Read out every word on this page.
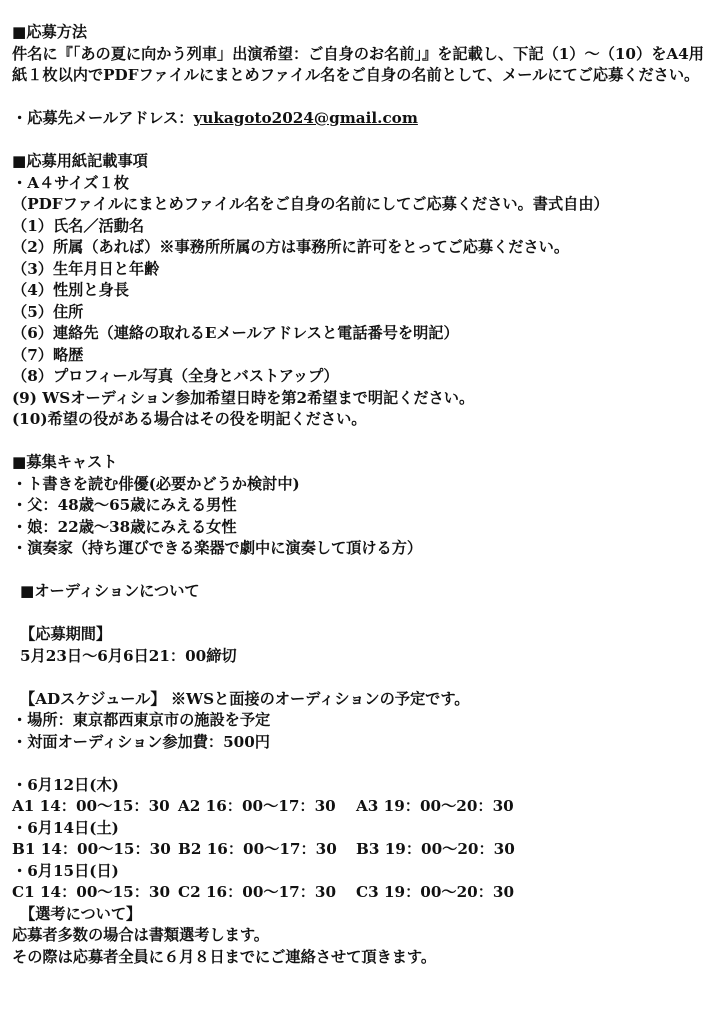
■応募方法
件名に『「あの夏に向かう列車」出演希望：ご自身のお名前」』を記載し、下記（1）～（10）をA4用紙１枚以内でPDFファイルにまとめファイル名をご自身の名前として、メールにてご応募ください。
・応募先メールアドレス：yukagoto2024@gmail.com
■応募用紙記載事項
・A４サイズ１枚
（PDFファイルにまとめファイル名をご自身の名前にしてご応募ください。書式自由）
（1）氏名／活動名
（2）所属（あれば）※事務所所属の方は事務所に許可をとってご応募ください。
（3）生年月日と年齢
（4）性別と身長
（5）住所
（6）連絡先（連絡の取れるEメールアドレスと電話番号を明記）
（7）略歴
（8）プロフィール写真（全身とバストアップ）
(9) WSオーディション参加希望日時を第2希望まで明記ください。
(10)希望の役がある場合はその役を明記ください。
■募集キャスト
・ト書きを読む俳優(必要かどうか検討中)
・父：48歳～65歳にみえる男性
・娘：22歳～38歳にみえる女性
・演奏家（持ち運びできる楽器で劇中に演奏して頂ける方）
■オーディションについて
【応募期間】
5月23日～6月6日21：00締切
【ADスケジュール】 ※WSと面接のオーディションの予定です。
・場所：東京都西東京市の施設を予定
・対面オーディション参加費：500円
・6月12日(木)
A1 14：00～15：30 A2 16：00～17：30	A3 19：00～20：30
・6月14日(土)
B1 14：00～15：30 B2 16：00～17：30	B3 19：00～20：30
・6月15日(日)
C1 14：00～15：30 C2 16：00～17：30	C3 19：00～20：30
【選考について】
応募者多数の場合は書類選考します。
その際は応募者全員に６月８日までにご連絡させて頂きます。
